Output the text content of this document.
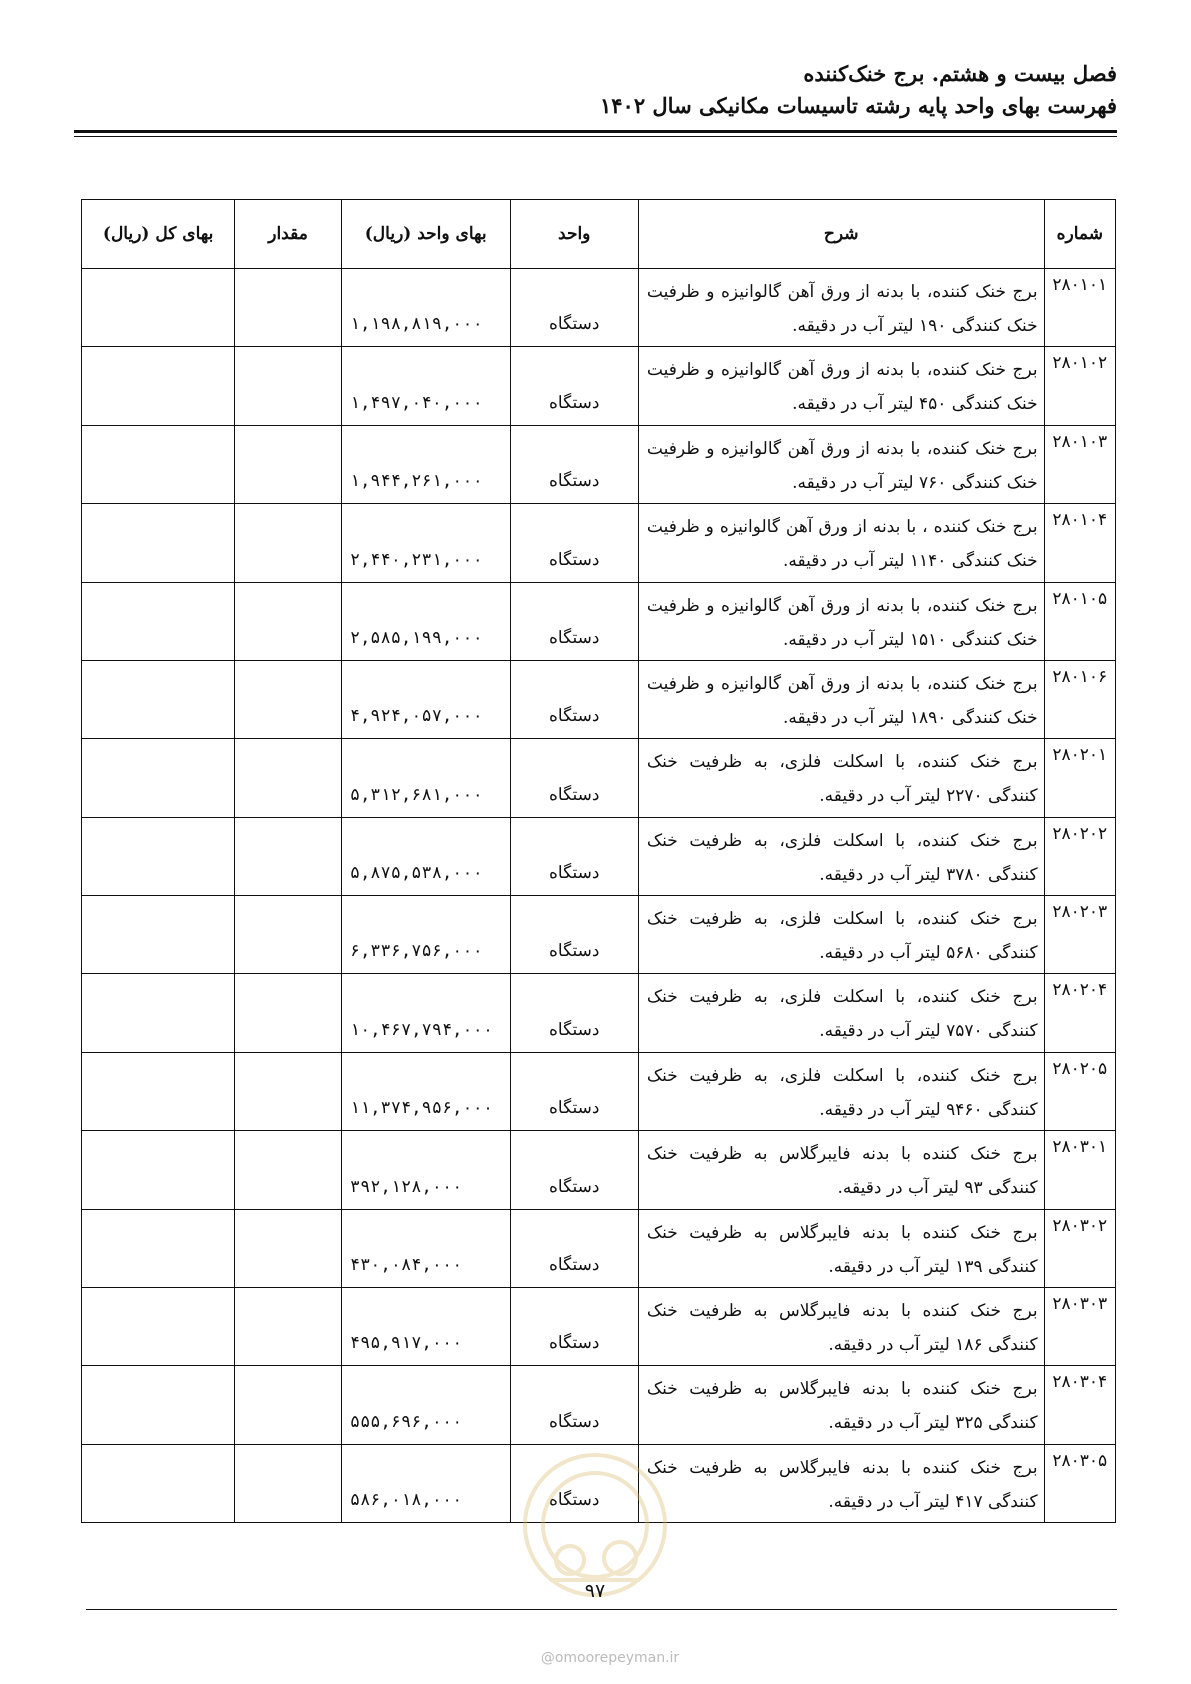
فصل بیست و هشتم. برج خنک‌کننده
فهرست بهای واحد پایه رشته تاسیسات مکانیکی سال ۱۴۰۲
شماره	شرح	واحد	بهای واحد (ریال)	مقدار	بهای کل (ریال)
۲۸۰۱۰۱	برج خنک کننده، با بدنه از ورق آهن گالوانیزه و ظرفیت خنک کنندگی ۱۹۰ لیتر آب در دقیقه.	دستگاه	۱,۱۹۸,۸۱۹,۰۰۰		
۲۸۰۱۰۲	برج خنک کننده، با بدنه از ورق آهن گالوانیزه و ظرفیت خنک کنندگی ۴۵۰ لیتر آب در دقیقه.	دستگاه	۱,۴۹۷,۰۴۰,۰۰۰		
۲۸۰۱۰۳	برج خنک کننده، با بدنه از ورق آهن گالوانیزه و ظرفیت خنک کنندگی ۷۶۰ لیتر آب در دقیقه.	دستگاه	۱,۹۴۴,۲۶۱,۰۰۰		
۲۸۰۱۰۴	برج خنک کننده ، با بدنه از ورق آهن گالوانیزه و ظرفیت خنک کنندگی ۱۱۴۰ لیتر آب در دقیقه.	دستگاه	۲,۴۴۰,۲۳۱,۰۰۰		
۲۸۰۱۰۵	برج خنک کننده، با بدنه از ورق آهن گالوانیزه و ظرفیت خنک کنندگی ۱۵۱۰ لیتر آب در دقیقه.	دستگاه	۲,۵۸۵,۱۹۹,۰۰۰		
۲۸۰۱۰۶	برج خنک کننده، با بدنه از ورق آهن گالوانیزه و ظرفیت خنک کنندگی ۱۸۹۰ لیتر آب در دقیقه.	دستگاه	۴,۹۲۴,۰۵۷,۰۰۰		
۲۸۰۲۰۱	برج خنک کننده، با اسکلت فلزی، به ظرفیت خنک کنندگی ۲۲۷۰ لیتر آب در دقیقه.	دستگاه	۵,۳۱۲,۶۸۱,۰۰۰		
۲۸۰۲۰۲	برج خنک کننده، با اسکلت فلزی، به ظرفیت خنک کنندگی ۳۷۸۰ لیتر آب در دقیقه.	دستگاه	۵,۸۷۵,۵۳۸,۰۰۰		
۲۸۰۲۰۳	برج خنک کننده، با اسکلت فلزی، به ظرفیت خنک کنندگی ۵۶۸۰ لیتر آب در دقیقه.	دستگاه	۶,۳۳۶,۷۵۶,۰۰۰		
۲۸۰۲۰۴	برج خنک کننده، با اسکلت فلزی، به ظرفیت خنک کنندگی ۷۵۷۰ لیتر آب در دقیقه.	دستگاه	۱۰,۴۶۷,۷۹۴,۰۰۰		
۲۸۰۲۰۵	برج خنک کننده، با اسکلت فلزی، به ظرفیت خنک کنندگی ۹۴۶۰ لیتر آب در دقیقه.	دستگاه	۱۱,۳۷۴,۹۵۶,۰۰۰		
۲۸۰۳۰۱	برج خنک کننده با بدنه فایبرگلاس به ظرفیت خنک کنندگی ۹۳ لیتر آب در دقیقه.	دستگاه	۳۹۲,۱۲۸,۰۰۰		
۲۸۰۳۰۲	برج خنک کننده با بدنه فایبرگلاس به ظرفیت خنک کنندگی ۱۳۹ لیتر آب در دقیقه.	دستگاه	۴۳۰,۰۸۴,۰۰۰		
۲۸۰۳۰۳	برج خنک کننده با بدنه فایبرگلاس به ظرفیت خنک کنندگی ۱۸۶ لیتر آب در دقیقه.	دستگاه	۴۹۵,۹۱۷,۰۰۰		
۲۸۰۳۰۴	برج خنک کننده با بدنه فایبرگلاس به ظرفیت خنک کنندگی ۳۲۵ لیتر آب در دقیقه.	دستگاه	۵۵۵,۶۹۶,۰۰۰		
۲۸۰۳۰۵	برج خنک کننده با بدنه فایبرگلاس به ظرفیت خنک کنندگی ۴۱۷ لیتر آب در دقیقه.	دستگاه	۵۸۶,۰۱۸,۰۰۰		
۹۷
@omoorepeyman.ir
